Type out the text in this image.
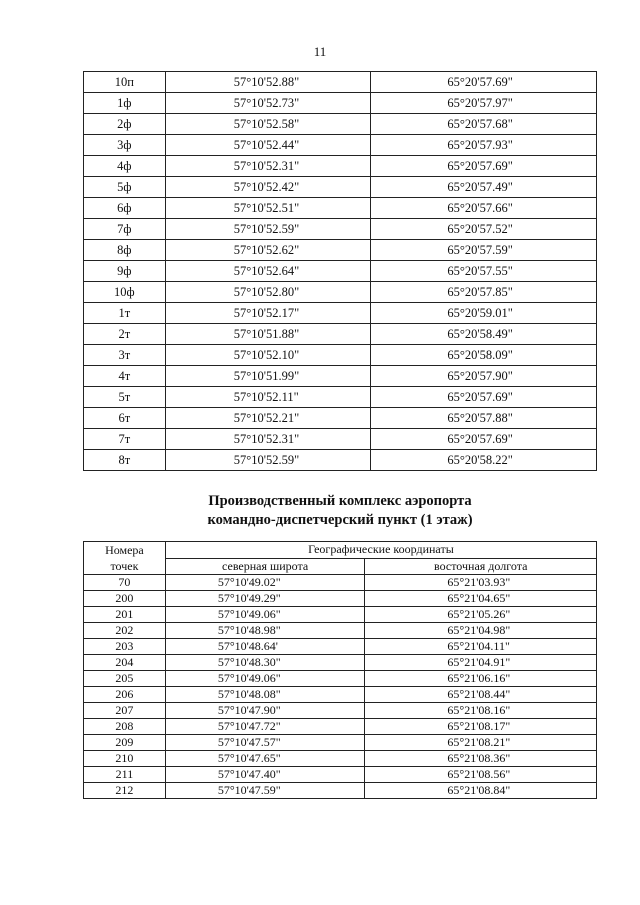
11
10п	57°10'52.88"	65°20'57.69"
1ф	57°10'52.73"	65°20'57.97"
2ф	57°10'52.58"	65°20'57.68"
3ф	57°10'52.44"	65°20'57.93"
4ф	57°10'52.31"	65°20'57.69"
5ф	57°10'52.42"	65°20'57.49"
6ф	57°10'52.51"	65°20'57.66"
7ф	57°10'52.59"	65°20'57.52"
8ф	57°10'52.62"	65°20'57.59"
9ф	57°10'52.64"	65°20'57.55"
10ф	57°10'52.80"	65°20'57.85"
1т	57°10'52.17"	65°20'59.01"
2т	57°10'51.88"	65°20'58.49"
3т	57°10'52.10"	65°20'58.09"
4т	57°10'51.99"	65°20'57.90"
5т	57°10'52.11"	65°20'57.69"
6т	57°10'52.21"	65°20'57.88"
7т	57°10'52.31"	65°20'57.69"
8т	57°10'52.59"	65°20'58.22"
Производственный комплекс аэропорта
командно-диспетчерский пункт (1 этаж)
Номера точек	Географические координаты	
	северная широта	восточная долгота
70	57°10'49.02"	65°21'03.93"
200	57°10'49.29"	65°21'04.65"
201	57°10'49.06"	65°21'05.26"
202	57°10'48.98"	65°21'04.98"
203	57°10'48.64'	65°21'04.11"
204	57°10'48.30"	65°21'04.91"
205	57°10'49.06"	65°21'06.16"
206	57°10'48.08"	65°21'08.44"
207	57°10'47.90"	65°21'08.16"
208	57°10'47.72"	65°21'08.17"
209	57°10'47.57"	65°21'08.21"
210	57°10'47.65"	65°21'08.36"
211	57°10'47.40"	65°21'08.56"
212	57°10'47.59"	65°21'08.84"
